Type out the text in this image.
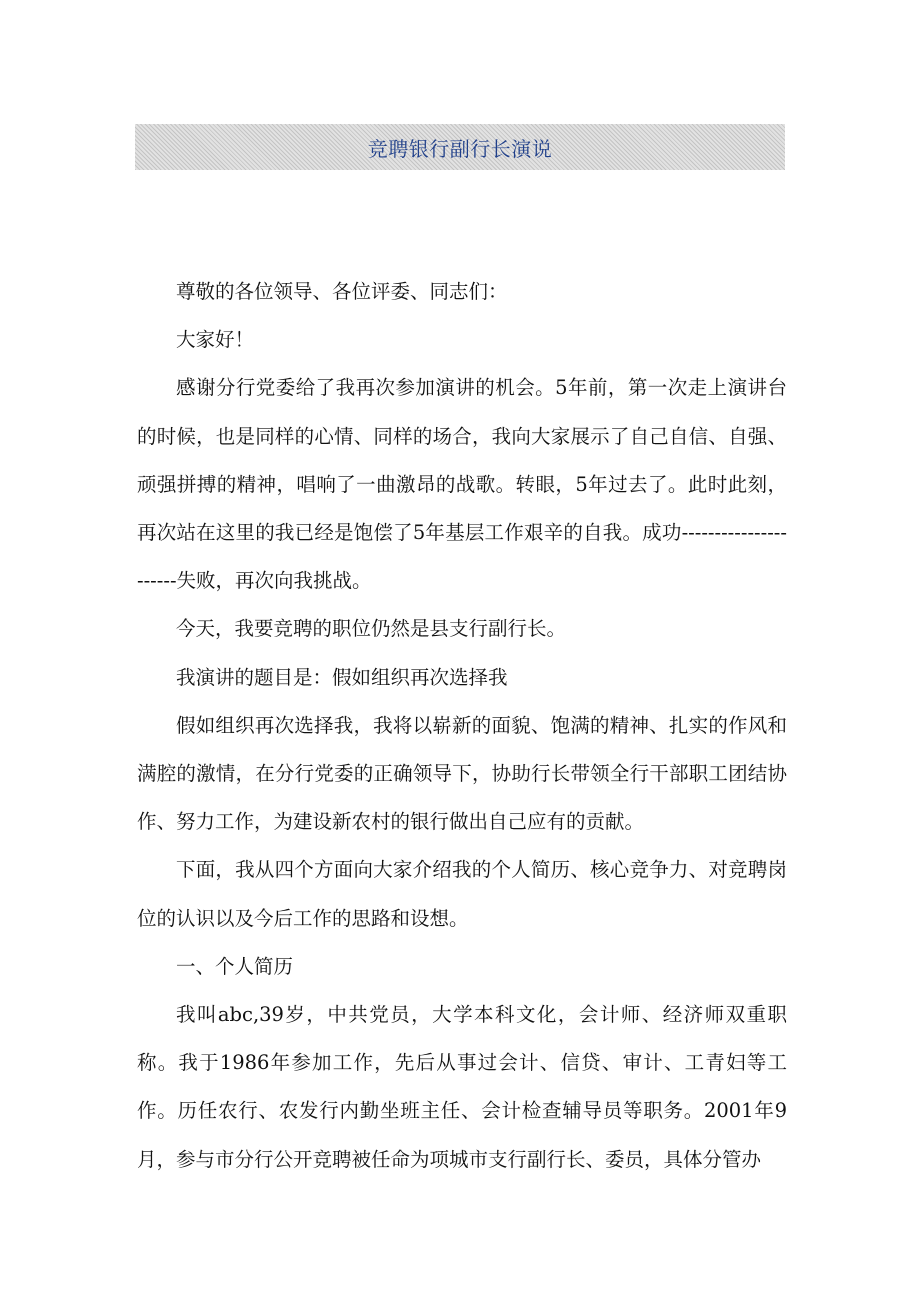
竞聘银行副行长演说

尊敬的各位领导、各位评委、同志们：

大家好！

感谢分行党委给了我再次参加演讲的机会。5年前，第一次走上演讲台的时候，也是同样的心情、同样的场合，我向大家展示了自己自信、自强、顽强拼搏的精神，唱响了一曲激昂的战歌。转眼，5年过去了。此时此刻，再次站在这里的我已经是饱偿了5年基层工作艰辛的自我。成功----------------------失败，再次向我挑战。

今天，我要竞聘的职位仍然是县支行副行长。

我演讲的题目是：假如组织再次选择我

假如组织再次选择我，我将以崭新的面貌、饱满的精神、扎实的作风和满腔的激情，在分行党委的正确领导下，协助行长带领全行干部职工团结协作、努力工作，为建设新农村的银行做出自己应有的贡献。

下面，我从四个方面向大家介绍我的个人简历、核心竞争力、对竞聘岗位的认识以及今后工作的思路和设想。

一、个人简历

我叫abc,39岁，中共党员，大学本科文化，会计师、经济师双重职称。我于1986年参加工作，先后从事过会计、信贷、审计、工青妇等工作。历任农行、农发行内勤坐班主任、会计检查辅导员等职务。2001年9月，参与市分行公开竞聘被任命为项城市支行副行长、委员，具体分管办
